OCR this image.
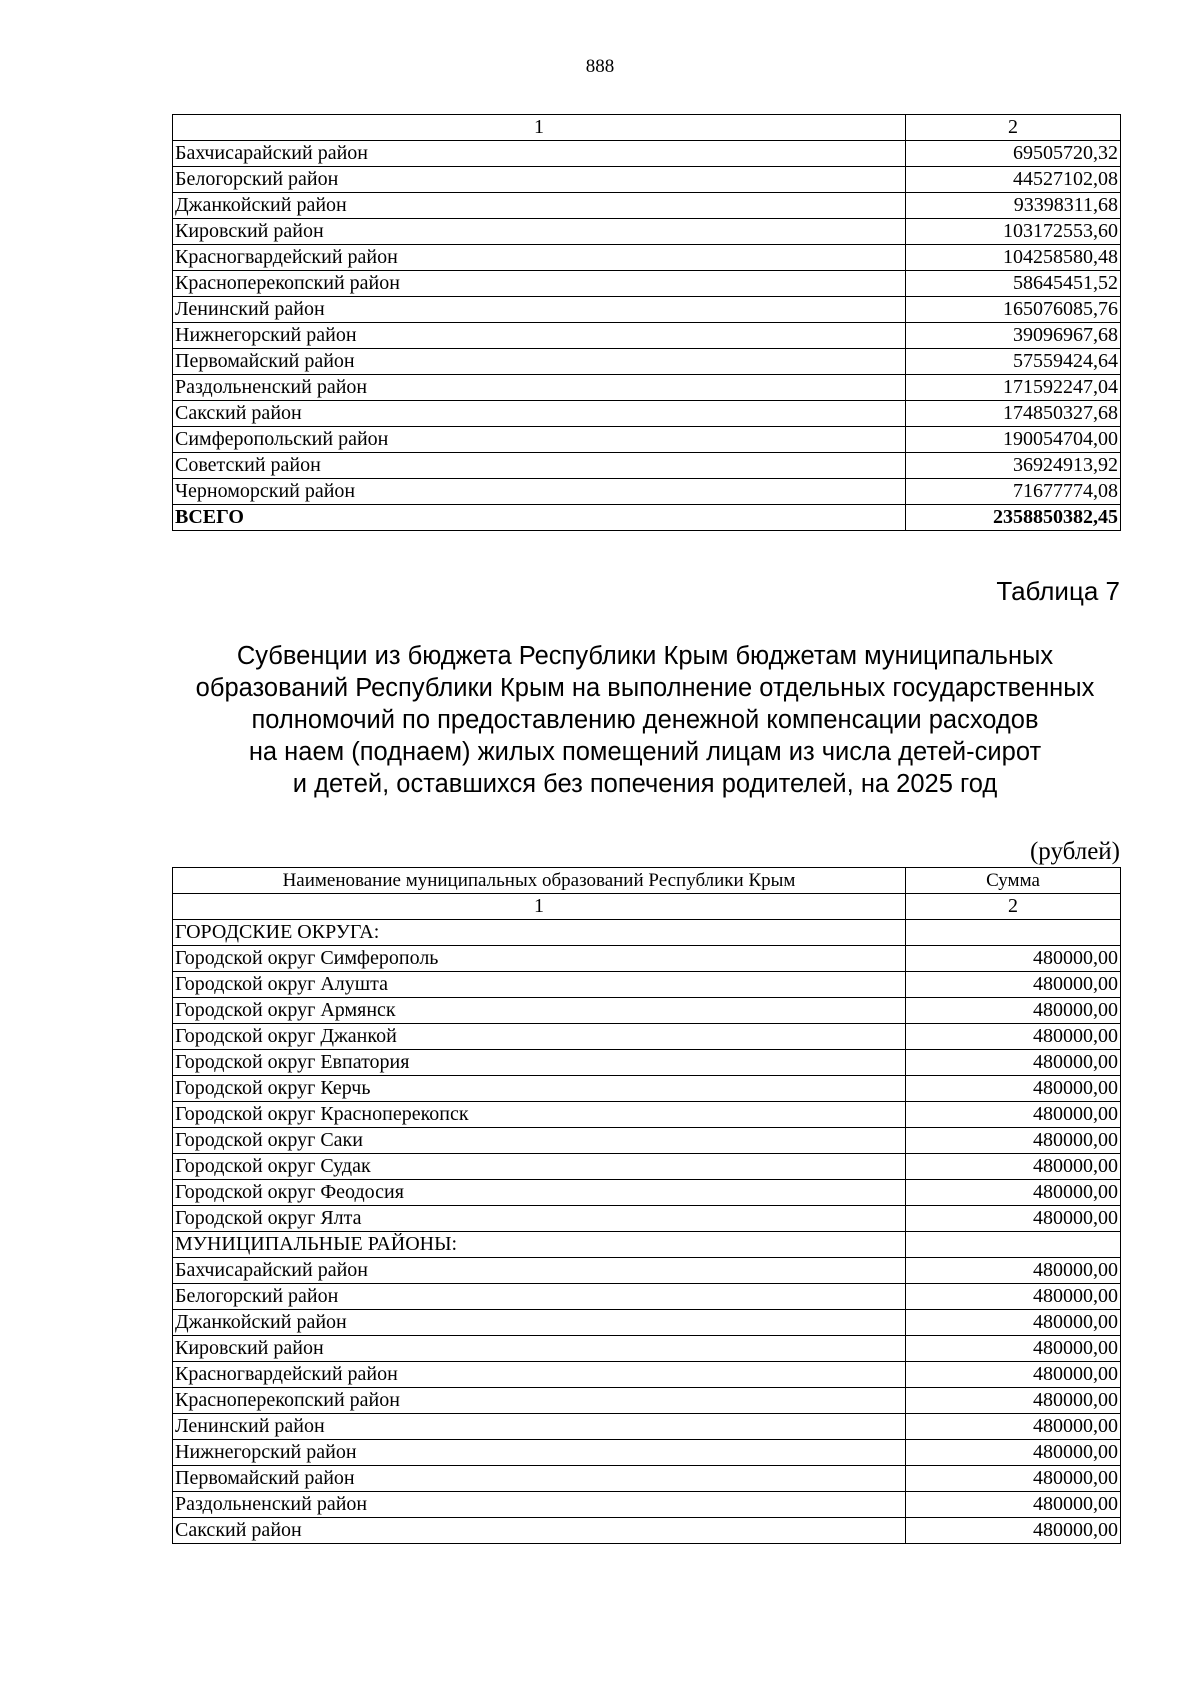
888
1	2
Бахчисарайский район	69505720,32
Белогорский район	44527102,08
Джанкойский район	93398311,68
Кировский район	103172553,60
Красногвардейский район	104258580,48
Красноперекопский район	58645451,52
Ленинский район	165076085,76
Нижнегорский район	39096967,68
Первомайский район	57559424,64
Раздольненский район	171592247,04
Сакский район	174850327,68
Симферопольский район	190054704,00
Советский район	36924913,92
Черноморский район	71677774,08
ВСЕГО	2358850382,45
Таблица 7
Субвенции из бюджета Республики Крым бюджетам муниципальных
образований Республики Крым на выполнение отдельных государственных
полномочий по предоставлению денежной компенсации расходов
на наем (поднаем) жилых помещений лицам из числа детей-сирот
и детей, оставшихся без попечения родителей, на 2025 год
(рублей)
Наименование муниципальных образований Республики Крым	Сумма
1	2
ГОРОДСКИЕ ОКРУГА:	
Городской округ Симферополь	480000,00
Городской округ Алушта	480000,00
Городской округ Армянск	480000,00
Городской округ Джанкой	480000,00
Городской округ Евпатория	480000,00
Городской округ Керчь	480000,00
Городской округ Красноперекопск	480000,00
Городской округ Саки	480000,00
Городской округ Судак	480000,00
Городской округ Феодосия	480000,00
Городской округ Ялта	480000,00
МУНИЦИПАЛЬНЫЕ РАЙОНЫ:	
Бахчисарайский район	480000,00
Белогорский район	480000,00
Джанкойский район	480000,00
Кировский район	480000,00
Красногвардейский район	480000,00
Красноперекопский район	480000,00
Ленинский район	480000,00
Нижнегорский район	480000,00
Первомайский район	480000,00
Раздольненский район	480000,00
Сакский район	480000,00
